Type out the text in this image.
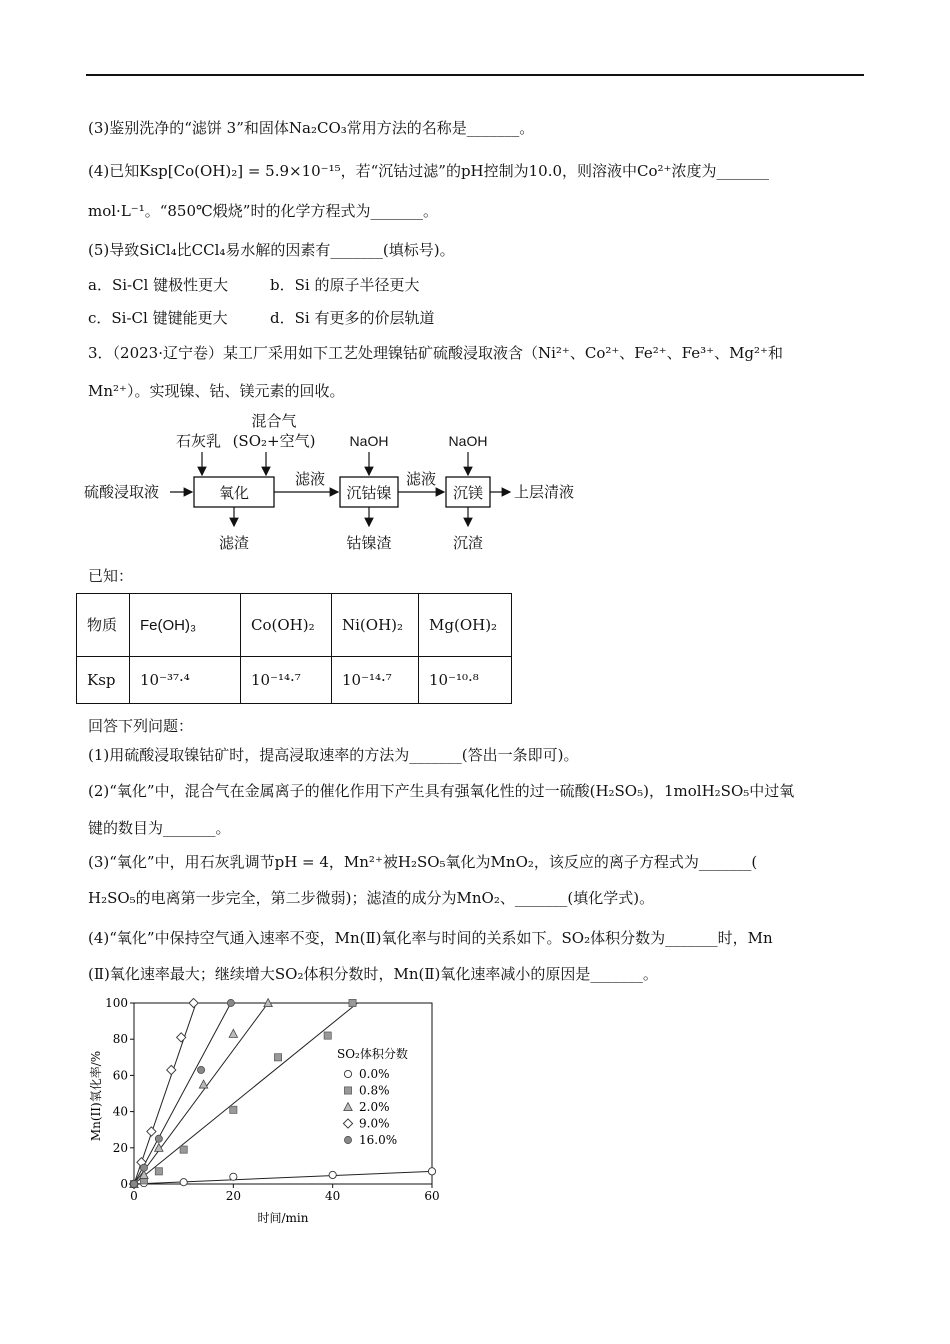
(3)鉴别洗净的“滤饼 3”和固体Na₂CO₃常用方法的名称是_______。
(4)已知Ksp[Co(OH)₂] = 5.9×10⁻¹⁵，若“沉钴过滤”的pH控制为10.0，则溶液中Co²⁺浓度为_______
mol·L⁻¹。“850℃煅烧”时的化学方程式为_______。
(5)导致SiCl₄比CCl₄易水解的因素有_______(填标号)。
a．Si-Cl 键极性更大	b．Si 的原子半径更大
c．Si-Cl 键键能更大	d．Si 有更多的价层轨道
3．（2023·辽宁卷）某工厂采用如下工艺处理镍钴矿硫酸浸取液含（Ni²⁺、Co²⁺、Fe²⁺、Fe³⁺、Mg²⁺和
Mn²⁺）。实现镍、钴、镁元素的回收。
硫酸浸取液	氧化
石灰乳
混合气
(SO₂+空气)
滤渣
滤液
沉钴镍
NaOH
钴镍渣
滤液
沉镁
NaOH
沉渣
上层清液
已知：
物质	Fe(OH)₃	Co(OH)₂	Ni(OH)₂	Mg(OH)₂
Ksp	10⁻³⁷·⁴	10⁻¹⁴·⁷	10⁻¹⁴·⁷	10⁻¹⁰·⁸
回答下列问题：
(1)用硫酸浸取镍钴矿时，提高浸取速率的方法为_______(答出一条即可)。
(2)“氧化”中，混合气在金属离子的催化作用下产生具有强氧化性的过一硫酸(H₂SO₅)，1molH₂SO₅中过氧
键的数目为_______。
(3)“氧化”中，用石灰乳调节pH = 4，Mn²⁺被H₂SO₅氧化为MnO₂，该反应的离子方程式为_______(
H₂SO₅的电离第一步完全，第二步微弱)；滤渣的成分为MnO₂、_______(填化学式)。
(4)“氧化”中保持空气通入速率不变，Mn(Ⅱ)氧化率与时间的关系如下。SO₂体积分数为_______时，Mn
(Ⅱ)氧化速率最大；继续增大SO₂体积分数时，Mn(Ⅱ)氧化速率减小的原因是_______。
Mn(II)氧化率/%
时间/min
SO₂体积分数
0	20	40	60
0
20
40
60
80
100
0.0%
0.8%
2.0%
9.0%
16.0%
